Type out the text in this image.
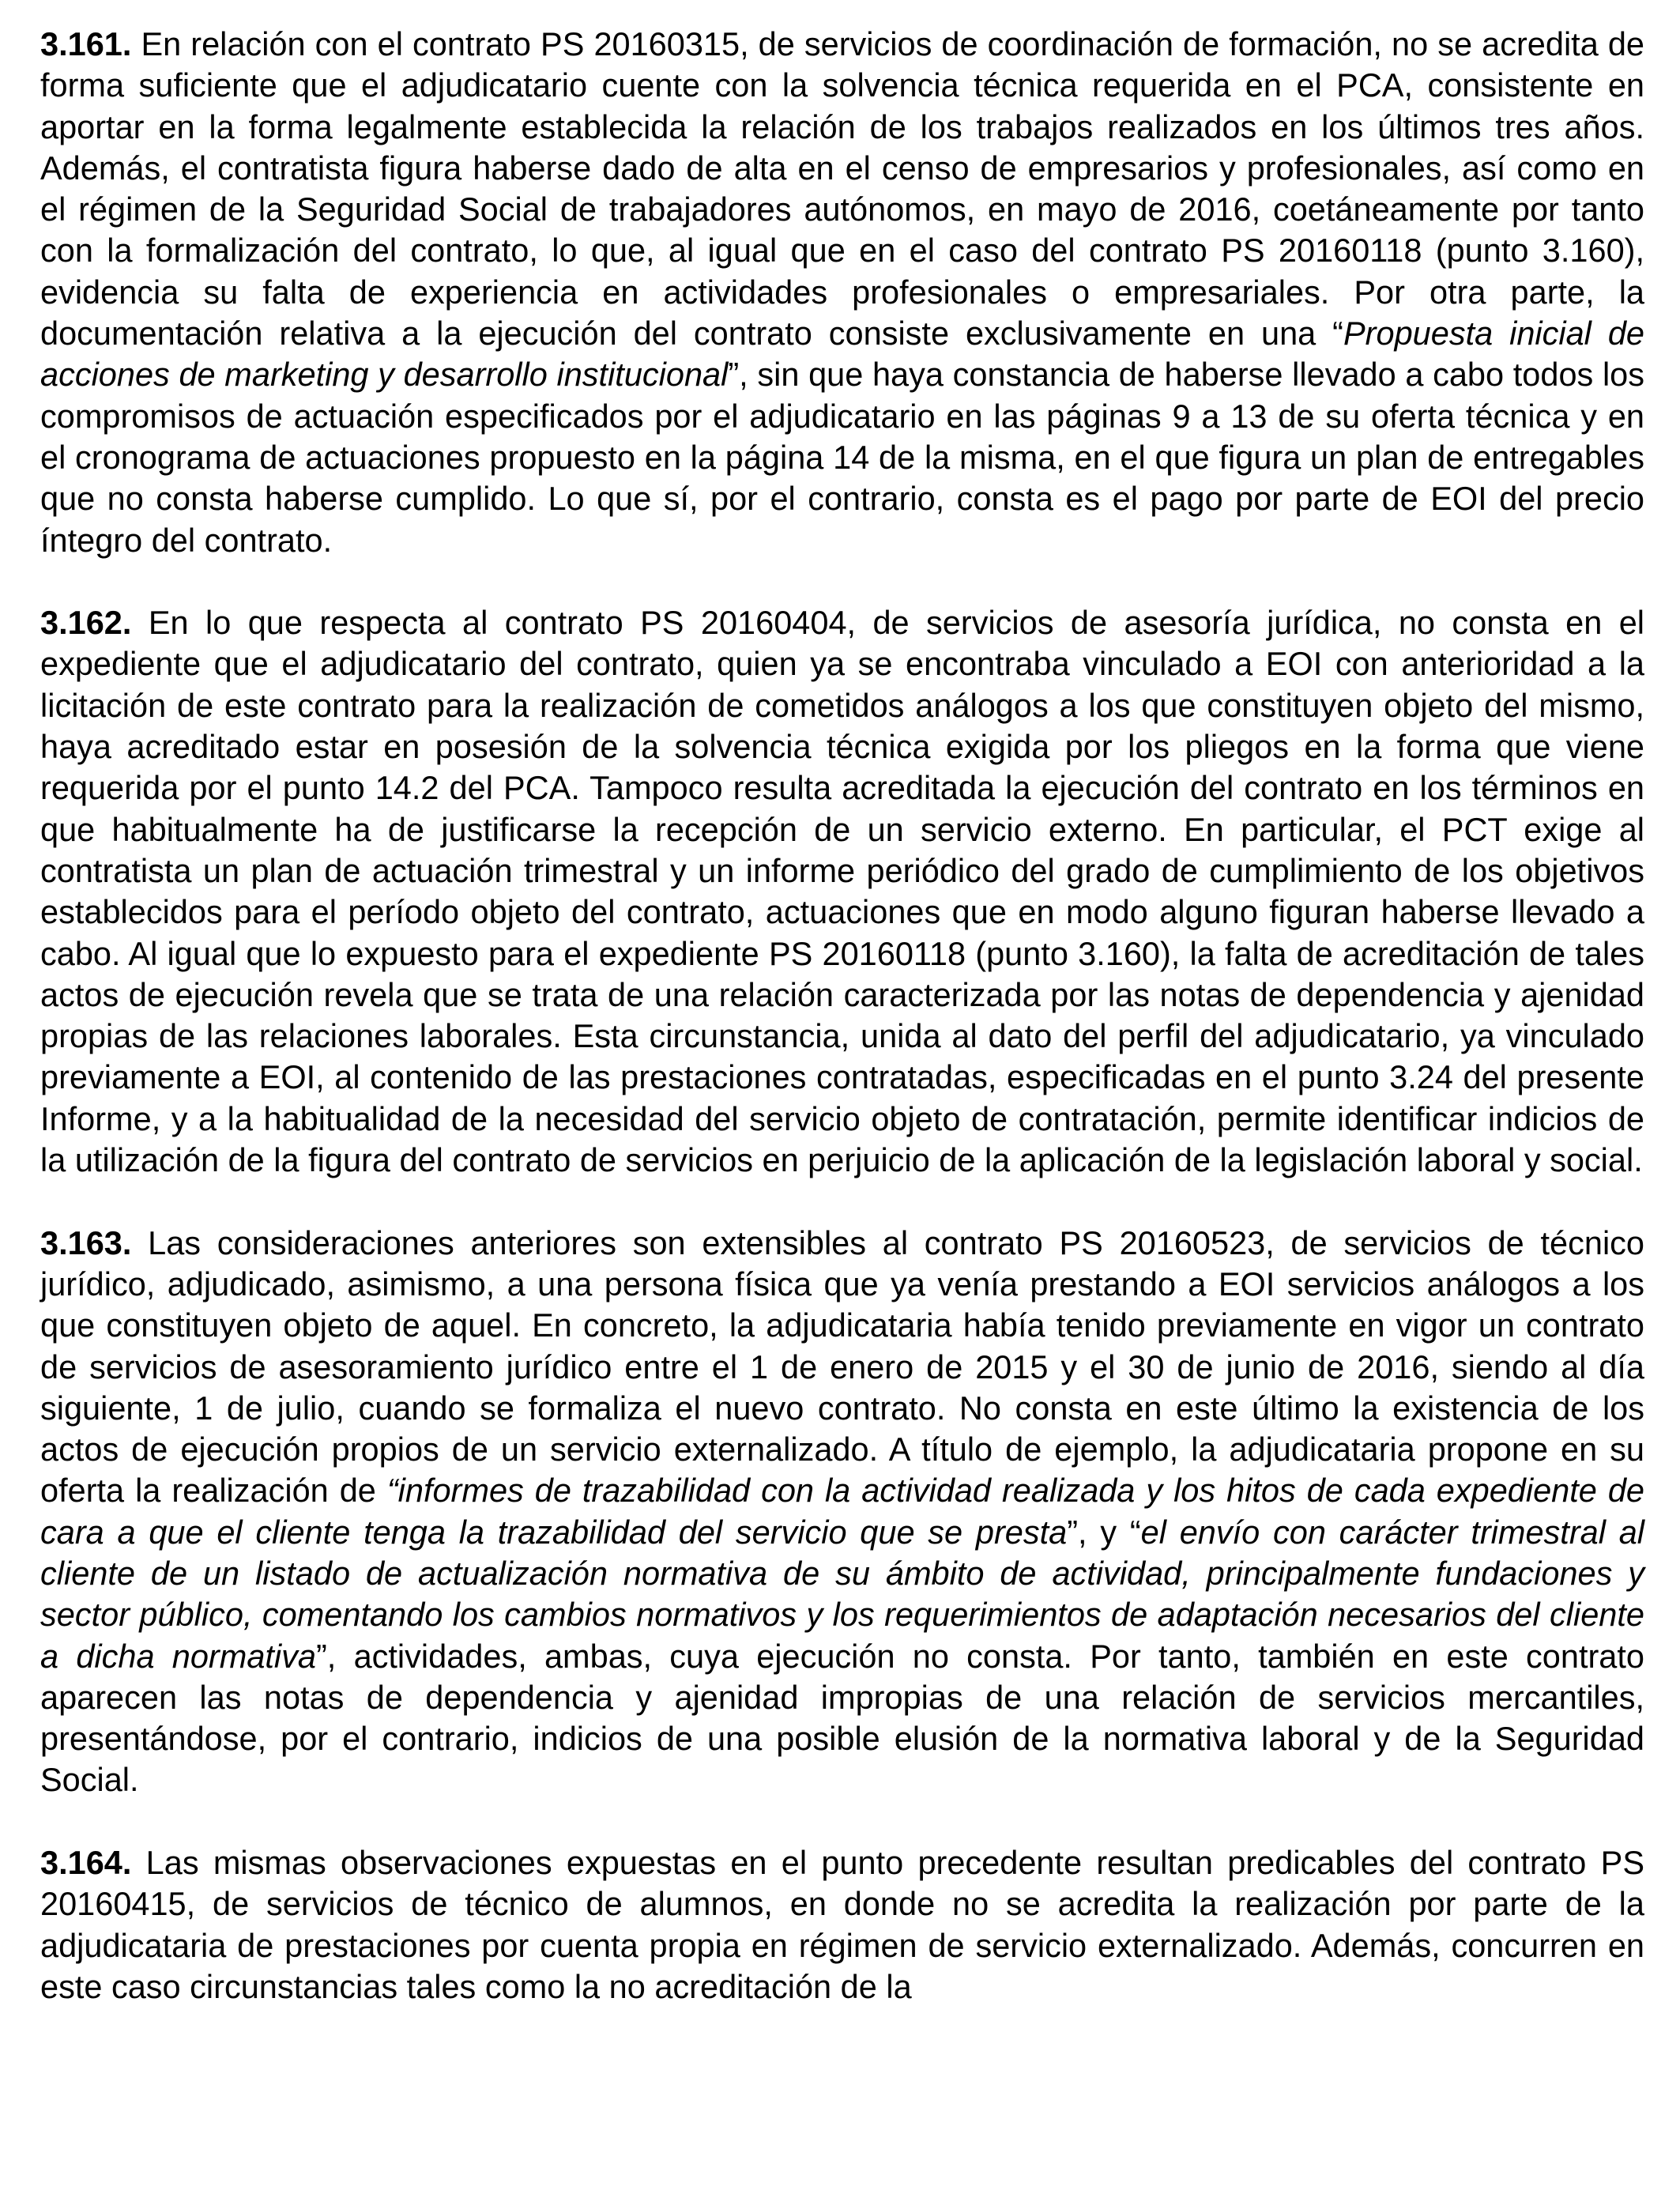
3.161. En relación con el contrato PS 20160315, de servicios de coordinación de formación, no se acredita de forma suficiente que el adjudicatario cuente con la solvencia técnica requerida en el PCA, consistente en aportar en la forma legalmente establecida la relación de los trabajos realizados en los últimos tres años. Además, el contratista figura haberse dado de alta en el censo de empresarios y profesionales, así como en el régimen de la Seguridad Social de trabajadores autónomos, en mayo de 2016, coetáneamente por tanto con la formalización del contrato, lo que, al igual que en el caso del contrato PS 20160118 (punto 3.160), evidencia su falta de experiencia en actividades profesionales o empresariales. Por otra parte, la documentación relativa a la ejecución del contrato consiste exclusivamente en una “Propuesta inicial de acciones de marketing y desarrollo institucional”, sin que haya constancia de haberse llevado a cabo todos los compromisos de actuación especificados por el adjudicatario en las páginas 9 a 13 de su oferta técnica y en el cronograma de actuaciones propuesto en la página 14 de la misma, en el que figura un plan de entregables que no consta haberse cumplido. Lo que sí, por el contrario, consta es el pago por parte de EOI del precio íntegro del contrato.

3.162. En lo que respecta al contrato PS 20160404, de servicios de asesoría jurídica, no consta en el expediente que el adjudicatario del contrato, quien ya se encontraba vinculado a EOI con anterioridad a la licitación de este contrato para la realización de cometidos análogos a los que constituyen objeto del mismo, haya acreditado estar en posesión de la solvencia técnica exigida por los pliegos en la forma que viene requerida por el punto 14.2 del PCA. Tampoco resulta acreditada la ejecución del contrato en los términos en que habitualmente ha de justificarse la recepción de un servicio externo. En particular, el PCT exige al contratista un plan de actuación trimestral y un informe periódico del grado de cumplimiento de los objetivos establecidos para el período objeto del contrato, actuaciones que en modo alguno figuran haberse llevado a cabo. Al igual que lo expuesto para el expediente PS 20160118 (punto 3.160), la falta de acreditación de tales actos de ejecución revela que se trata de una relación caracterizada por las notas de dependencia y ajenidad propias de las relaciones laborales. Esta circunstancia, unida al dato del perfil del adjudicatario, ya vinculado previamente a EOI, al contenido de las prestaciones contratadas, especificadas en el punto 3.24 del presente Informe, y a la habitualidad de la necesidad del servicio objeto de contratación, permite identificar indicios de la utilización de la figura del contrato de servicios en perjuicio de la aplicación de la legislación laboral y social.

3.163. Las consideraciones anteriores son extensibles al contrato PS 20160523, de servicios de técnico jurídico, adjudicado, asimismo, a una persona física que ya venía prestando a EOI servicios análogos a los que constituyen objeto de aquel. En concreto, la adjudicataria había tenido previamente en vigor un contrato de servicios de asesoramiento jurídico entre el 1 de enero de 2015 y el 30 de junio de 2016, siendo al día siguiente, 1 de julio, cuando se formaliza el nuevo contrato. No consta en este último la existencia de los actos de ejecución propios de un servicio externalizado. A título de ejemplo, la adjudicataria propone en su oferta la realización de “informes de trazabilidad con la actividad realizada y los hitos de cada expediente de cara a que el cliente tenga la trazabilidad del servicio que se presta”, y “el envío con carácter trimestral al cliente de un listado de actualización normativa de su ámbito de actividad, principalmente fundaciones y sector público, comentando los cambios normativos y los requerimientos de adaptación necesarios del cliente a dicha normativa”, actividades, ambas, cuya ejecución no consta. Por tanto, también en este contrato aparecen las notas de dependencia y ajenidad impropias de una relación de servicios mercantiles, presentándose, por el contrario, indicios de una posible elusión de la normativa laboral y de la Seguridad Social.

3.164. Las mismas observaciones expuestas en el punto precedente resultan predicables del contrato PS 20160415, de servicios de técnico de alumnos, en donde no se acredita la realización por parte de la adjudicataria de prestaciones por cuenta propia en régimen de servicio externalizado. Además, concurren en este caso circunstancias tales como la no acreditación de la
